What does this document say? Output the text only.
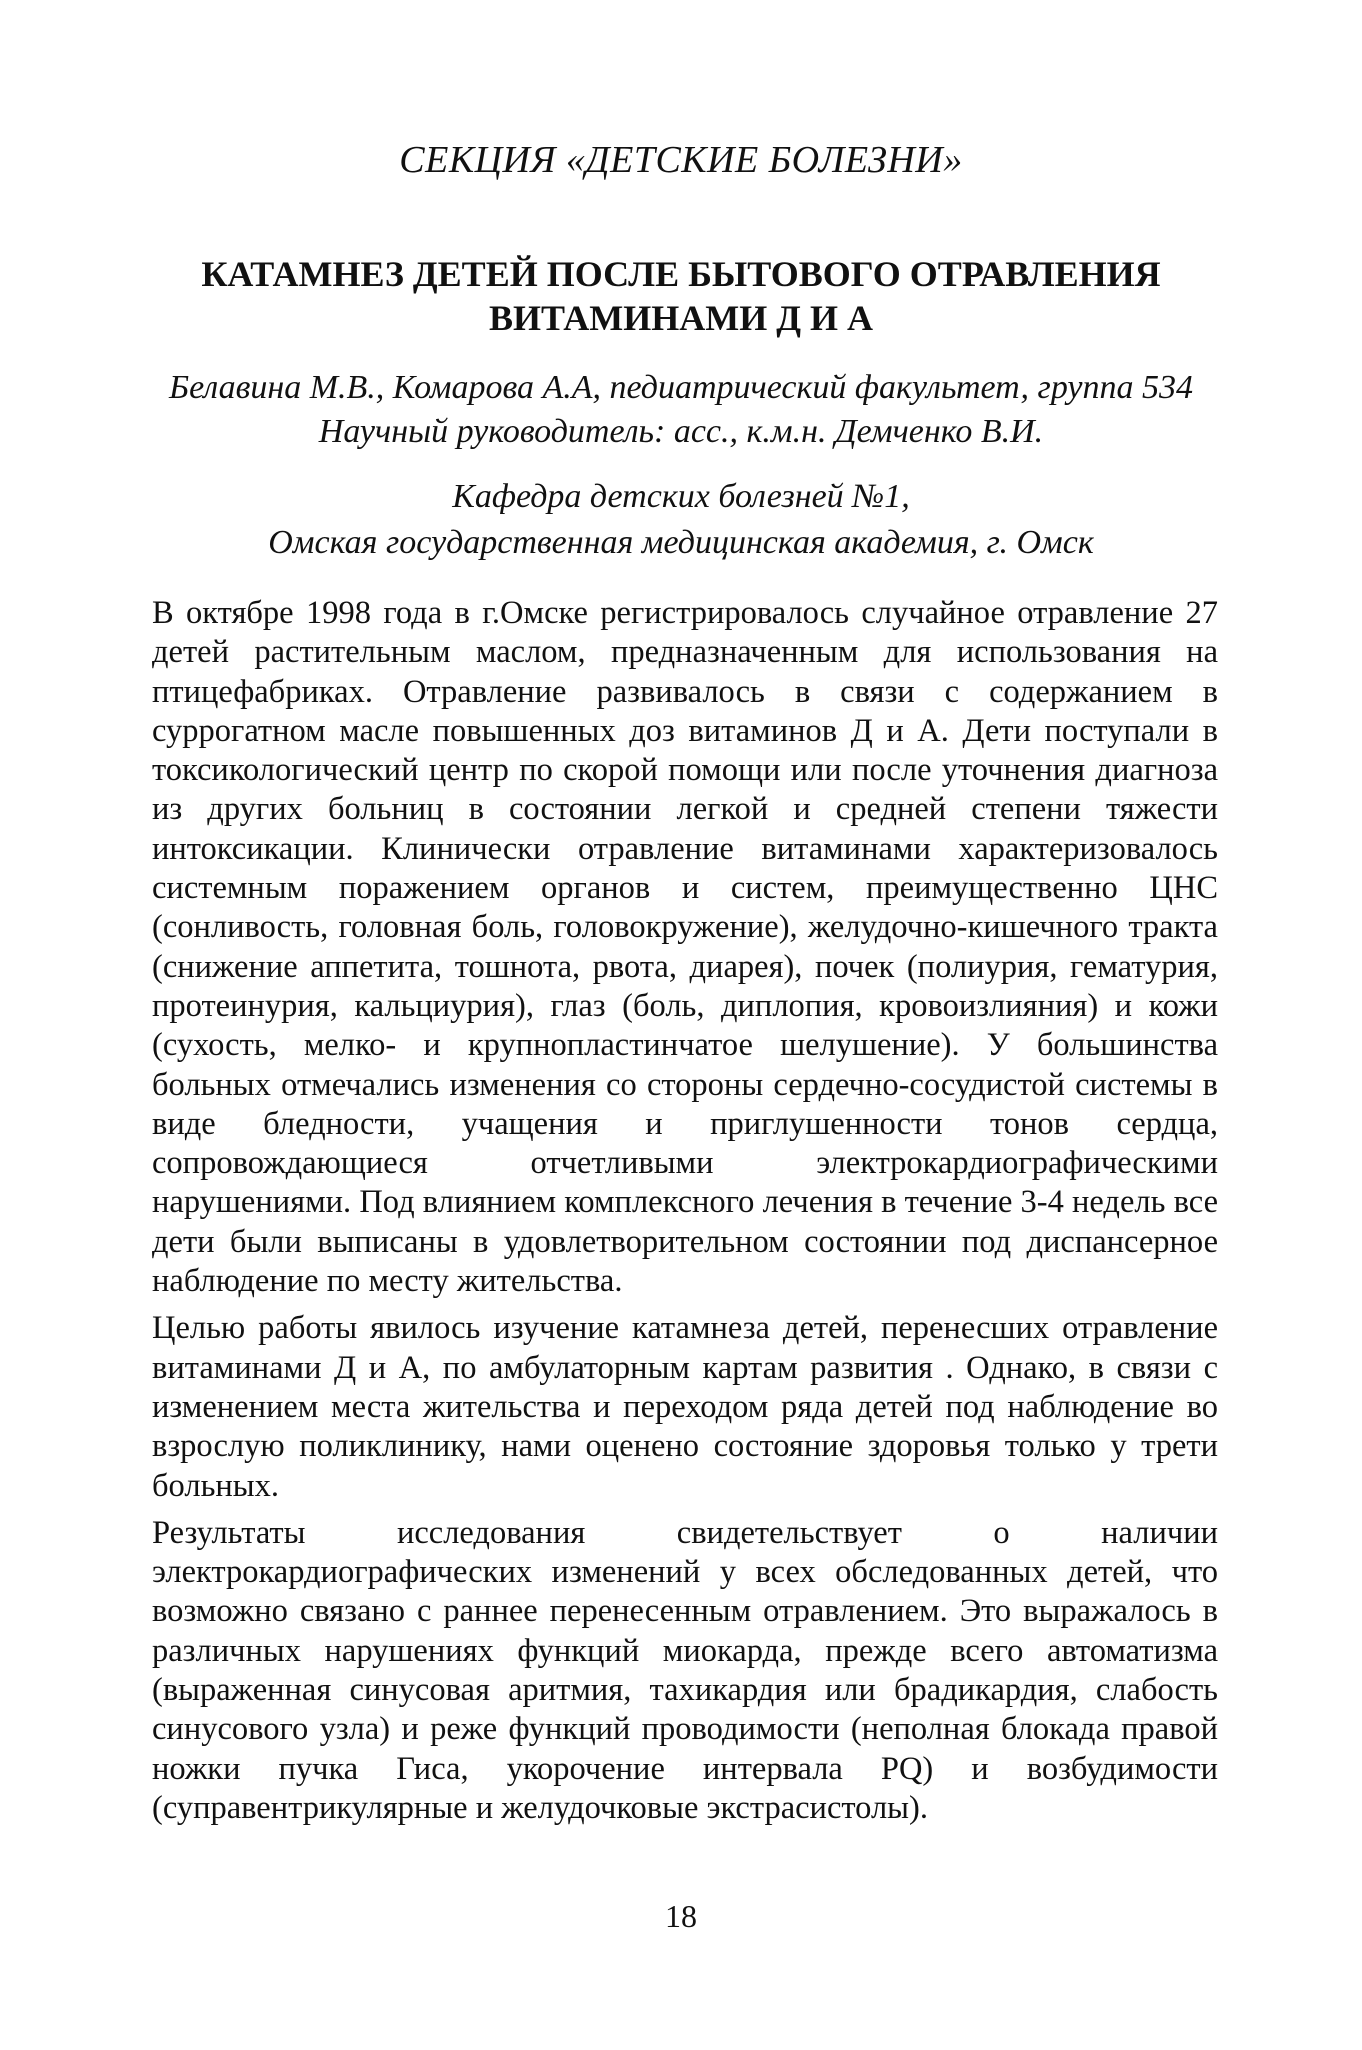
СЕКЦИЯ «ДЕТСКИЕ БОЛЕЗНИ»
КАТАМНЕЗ ДЕТЕЙ ПОСЛЕ БЫТОВОГО ОТРАВЛЕНИЯ
ВИТАМИНАМИ Д И А
Белавина М.В., Комарова А.А, педиатрический факультет, группа 534
Научный руководитель: асс., к.м.н. Демченко В.И.
Кафедра детских болезней №1,
Омская государственная медицинская академия, г. Омск

В октябре 1998 года в г.Омске регистрировалось случайное отравление 27 детей растительным маслом, предназначенным для использования на птицефабриках. Отравление развивалось в связи с содержанием в суррогатном масле повышенных доз витаминов Д и А. Дети поступали в токсикологический центр по скорой помощи или после уточнения диагноза из других больниц в состоянии легкой и средней степени тяжести интоксикации. Клинически отравление витаминами характеризовалось системным поражением органов и систем, преимущественно ЦНС (сонливость, головная боль, головокружение), желудочно-кишечного тракта (снижение аппетита, тошнота, рвота, диарея), почек (полиурия, гематурия, протеинурия, кальциурия), глаз (боль, диплопия, кровоизлияния) и кожи (сухость, мелко- и крупнопластинчатое шелушение). У большинства больных отмечались изменения со стороны сердечно-сосудистой системы в виде бледности, учащения и приглушенности тонов сердца, сопровождающиеся отчетливыми электрокардиографическими нарушениями. Под влиянием комплексного лечения в течение 3-4 недель все дети были выписаны в удовлетворительном состоянии под диспансерное наблюдение по месту жительства.

Целью работы явилось изучение катамнеза детей, перенесших отравление витаминами Д и А, по амбулаторным картам развития . Однако, в связи с изменением места жительства и переходом ряда детей под наблюдение во взрослую поликлинику, нами оценено состояние здоровья только у трети больных.

Результаты исследования свидетельствует о наличии электрокардиографических изменений у всех обследованных детей, что возможно связано с раннее перенесенным отравлением. Это выражалось в различных нарушениях функций миокарда, прежде всего автоматизма (выраженная синусовая аритмия, тахикардия или брадикардия, слабость синусового узла) и реже функций проводимости (неполная блокада правой ножки пучка Гиса, укорочение интервала PQ) и возбудимости (суправентрикулярные и желудочковые экстрасистолы).

18
